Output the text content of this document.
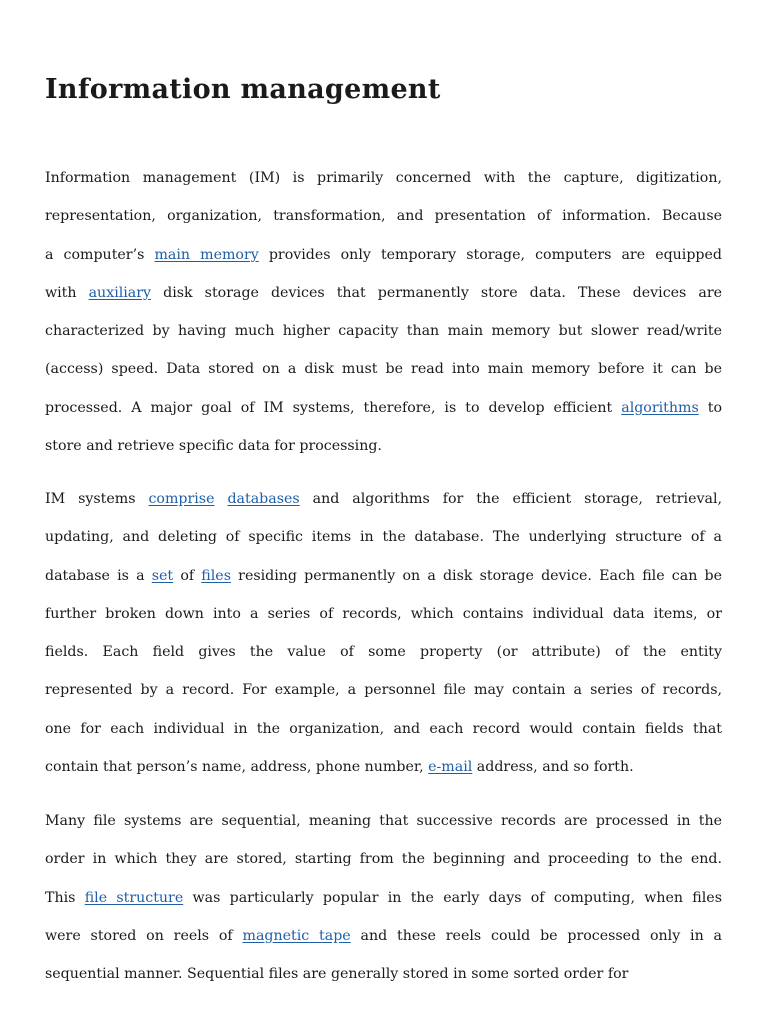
Information management
Information management (IM) is primarily concerned with the capture, digitization,
representation, organization, transformation, and presentation of information. Because
a computer’s main memory provides only temporary storage, computers are equipped
with auxiliary disk storage devices that permanently store data. These devices are
characterized by having much higher capacity than main memory but slower read/write
(access) speed. Data stored on a disk must be read into main memory before it can be
processed. A major goal of IM systems, therefore, is to develop efficient algorithms to
store and retrieve specific data for processing.
IM systems comprise databases and algorithms for the efficient storage, retrieval,
updating, and deleting of specific items in the database. The underlying structure of a
database is a set of files residing permanently on a disk storage device. Each file can be
further broken down into a series of records, which contains individual data items, or
fields. Each field gives the value of some property (or attribute) of the entity
represented by a record. For example, a personnel file may contain a series of records,
one for each individual in the organization, and each record would contain fields that
contain that person’s name, address, phone number, e-mail address, and so forth.
Many file systems are sequential, meaning that successive records are processed in the
order in which they are stored, starting from the beginning and proceeding to the end.
This file structure was particularly popular in the early days of computing, when files
were stored on reels of magnetic tape and these reels could be processed only in a
sequential manner. Sequential files are generally stored in some sorted order for
